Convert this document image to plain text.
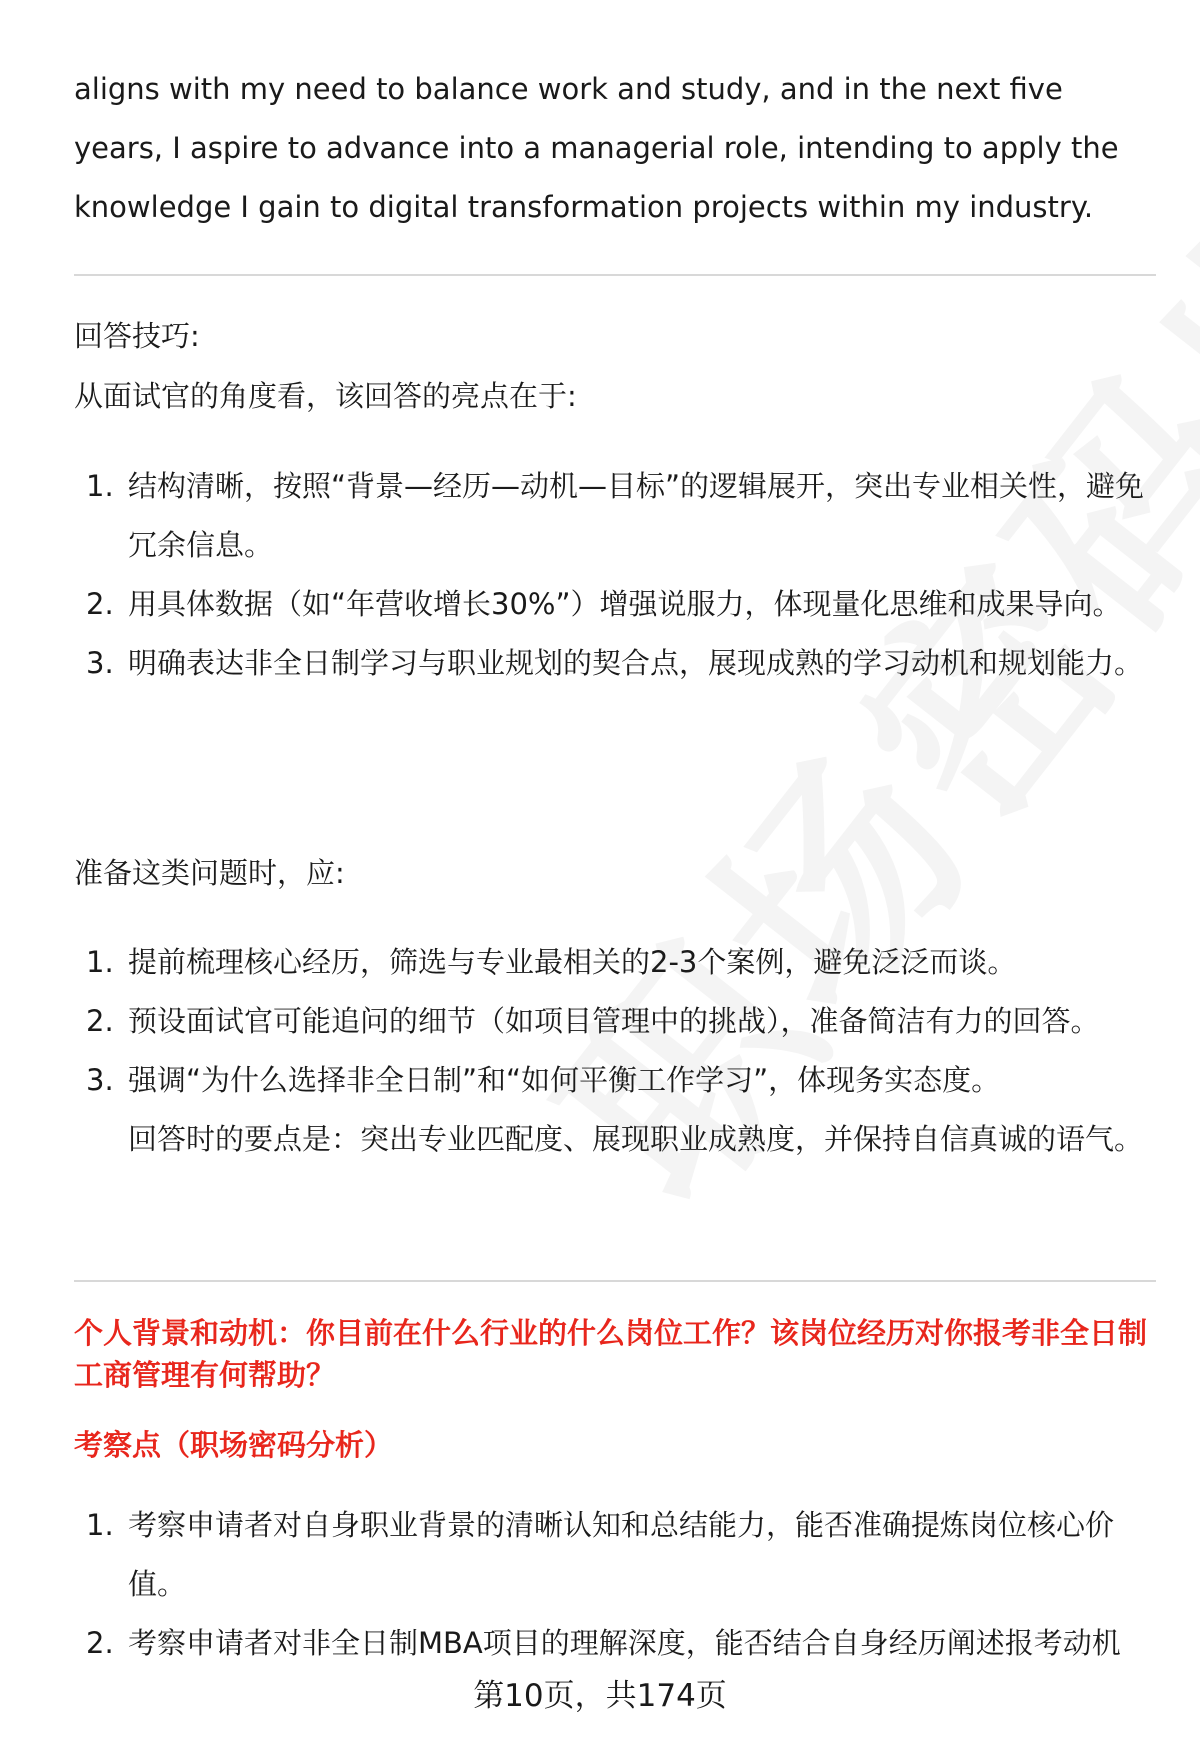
aligns with my need to balance work and study, and in the next five years, I aspire to advance into a managerial role, intending to apply the knowledge I gain to digital transformation projects within my industry.

回答技巧:

从面试官的角度看，该回答的亮点在于:

1. 结构清晰，按照“背景—经历—动机—目标”的逻辑展开，突出专业相关性，避免冗余信息。
2. 用具体数据（如“年营收增长30%”）增强说服力，体现量化思维和成果导向。
3. 明确表达非全日制学习与职业规划的契合点，展现成熟的学习动机和规划能力。

准备这类问题时，应:

1. 提前梳理核心经历，筛选与专业最相关的2-3个案例，避免泛泛而谈。
2. 预设面试官可能追问的细节（如项目管理中的挑战），准备简洁有力的回答。
3. 强调“为什么选择非全日制”和“如何平衡工作学习”，体现务实态度。
回答时的要点是：突出专业匹配度、展现职业成熟度，并保持自信真诚的语气。
个人背景和动机：你目前在什么行业的什么岗位工作？该岗位经历对你报考非全日制工商管理有何帮助？
考察点（职场密码分析）
1. 考察申请者对自身职业背景的清晰认知和总结能力，能否准确提炼岗位核心价值。
2. 考察申请者对非全日制MBA项目的理解深度，能否结合自身经历阐述报考动机
第10页，共174页
